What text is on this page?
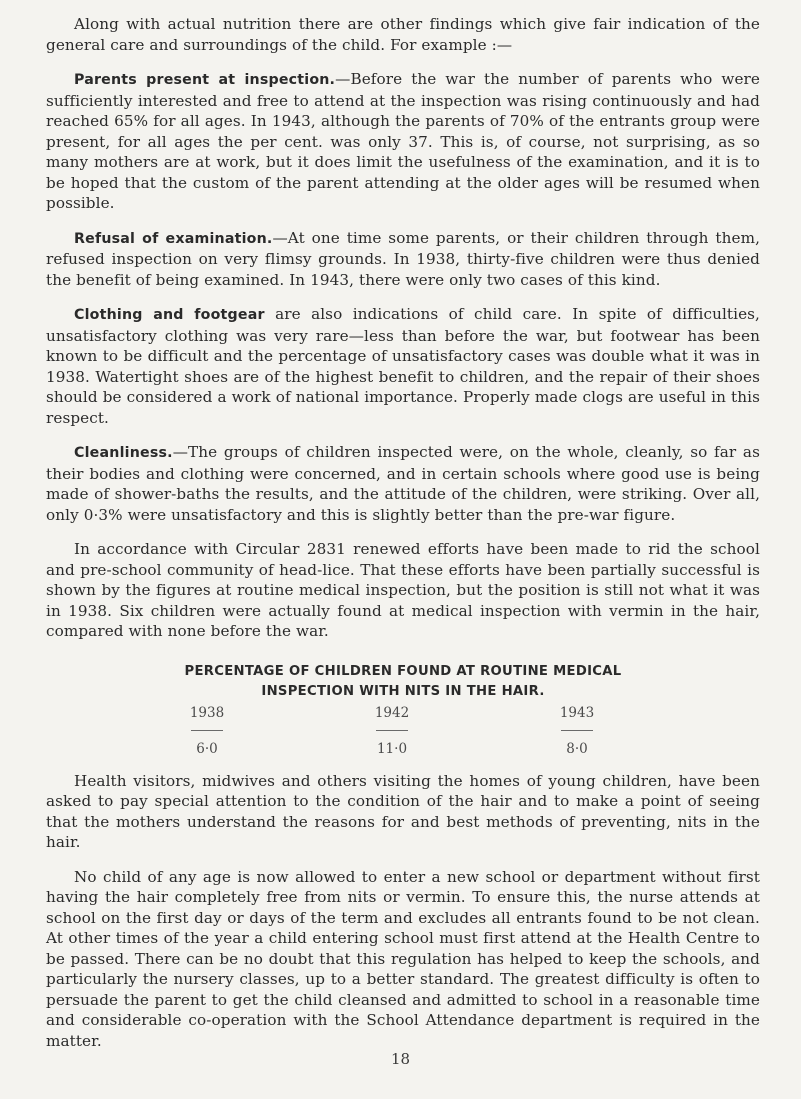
Along with actual nutrition there are other findings which give fair indication of the general care and surroundings of the child. For example :—

Parents present at inspection.—Before the war the number of parents who were sufficiently interested and free to attend at the inspection was rising continuously and had reached 65% for all ages. In 1943, although the parents of 70% of the entrants group were present, for all ages the per cent. was only 37. This is, of course, not surprising, as so many mothers are at work, but it does limit the usefulness of the examination, and it is to be hoped that the custom of the parent attending at the older ages will be resumed when possible.

Refusal of examination.—At one time some parents, or their children through them, refused inspection on very flimsy grounds. In 1938, thirty-five children were thus denied the benefit of being examined. In 1943, there were only two cases of this kind.

Clothing and footgear are also indications of child care. In spite of difficulties, unsatisfactory clothing was very rare—less than before the war, but footwear has been known to be difficult and the percentage of unsatisfactory cases was double what it was in 1938. Watertight shoes are of the highest benefit to children, and the repair of their shoes should be considered a work of national importance. Properly made clogs are useful in this respect.

Cleanliness.—The groups of children inspected were, on the whole, cleanly, so far as their bodies and clothing were concerned, and in certain schools where good use is being made of shower-baths the results, and the attitude of the children, were striking. Over all, only 0·3% were unsatisfactory and this is slightly better than the pre-war figure.

In accordance with Circular 2831 renewed efforts have been made to rid the school and pre-school community of head-lice. That these efforts have been partially successful is shown by the figures at routine medical inspection, but the position is still not what it was in 1938. Six children were actually found at medical inspection with vermin in the hair, compared with none before the war.

PERCENTAGE OF CHILDREN FOUND AT ROUTINE MEDICAL
INSPECTION WITH NITS IN THE HAIR.
1938
6·0
1942
11·0
1943
8·0

Health visitors, midwives and others visiting the homes of young children, have been asked to pay special attention to the condition of the hair and to make a point of seeing that the mothers understand the reasons for and best methods of preventing, nits in the hair.

No child of any age is now allowed to enter a new school or department without first having the hair completely free from nits or vermin. To ensure this, the nurse attends at school on the first day or days of the term and excludes all entrants found to be not clean. At other times of the year a child entering school must first attend at the Health Centre to be passed. There can be no doubt that this regulation has helped to keep the schools, and particularly the nursery classes, up to a better standard. The greatest difficulty is often to persuade the parent to get the child cleansed and admitted to school in a reasonable time and considerable co-operation with the School Attendance department is required in the matter.

18
